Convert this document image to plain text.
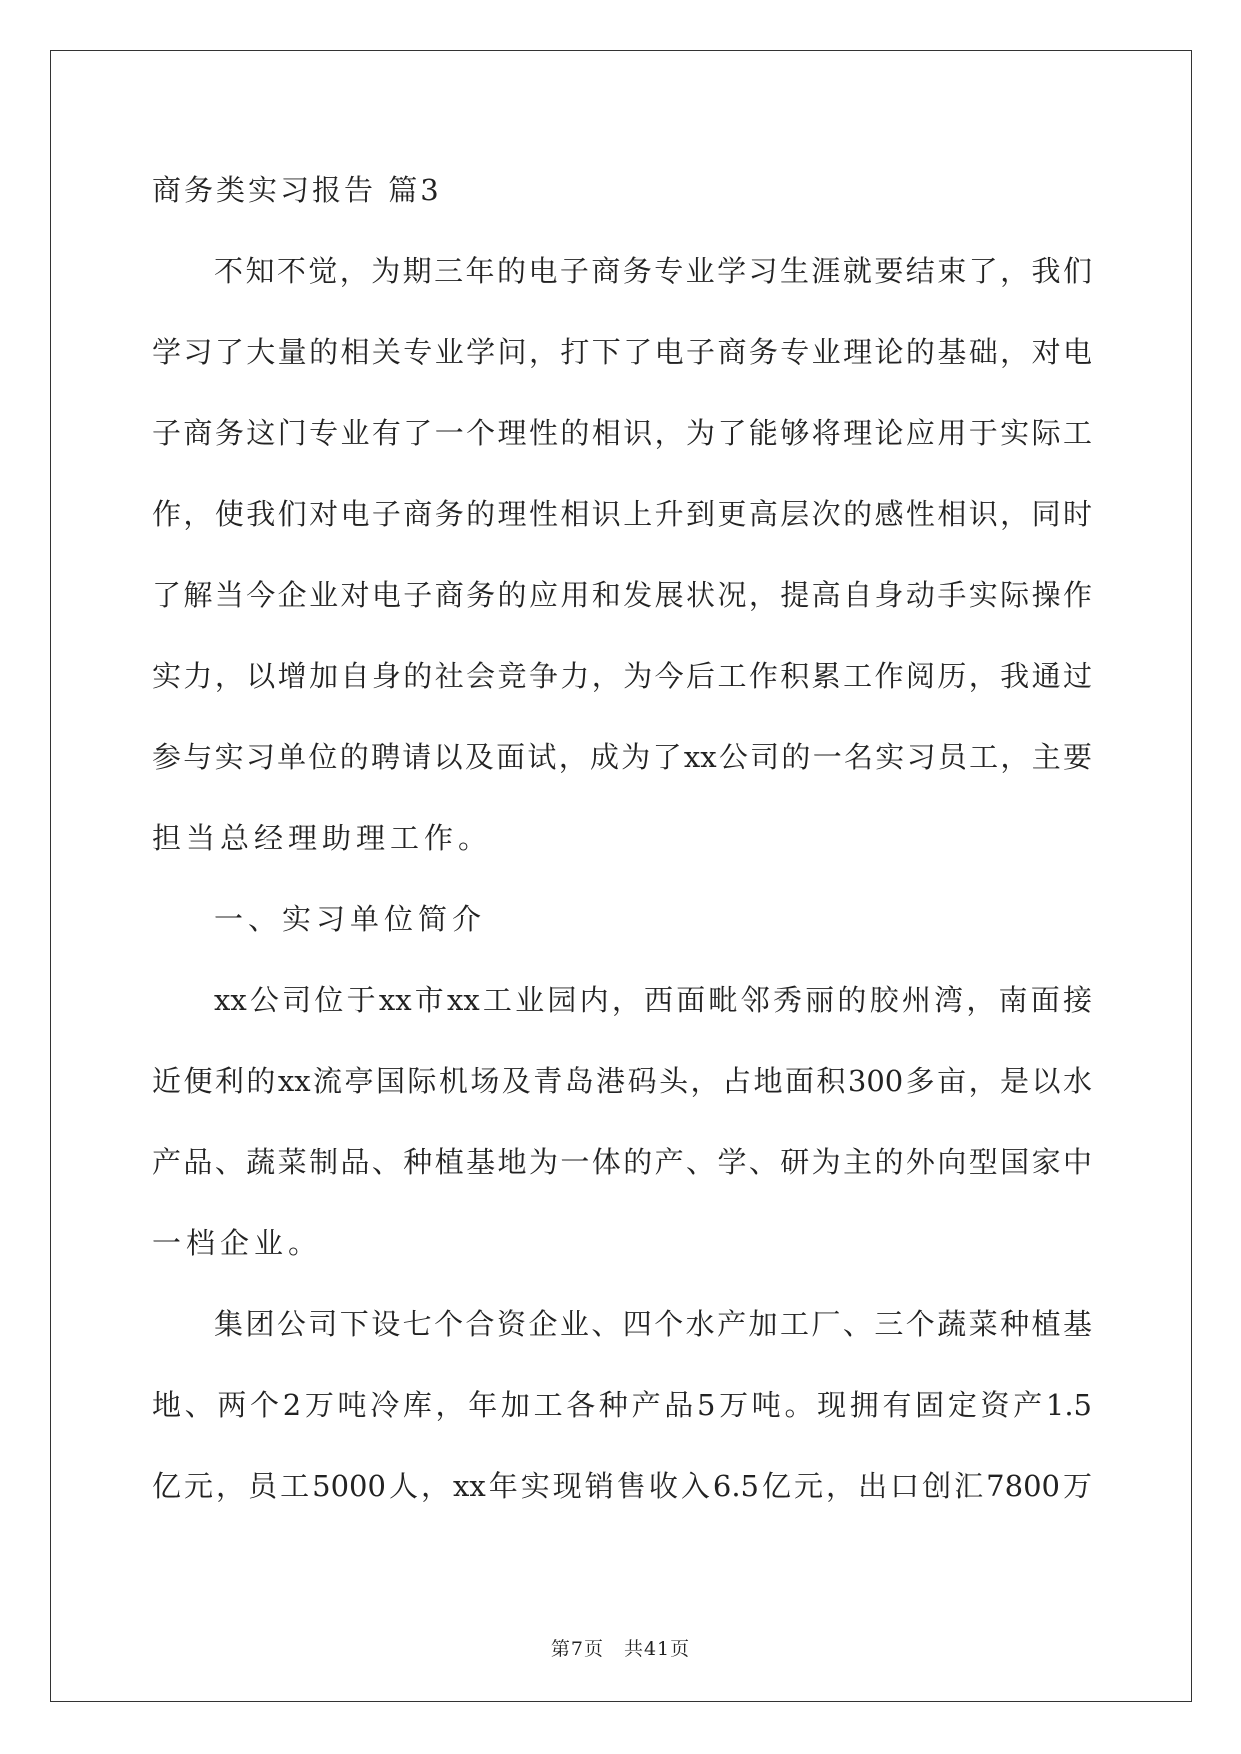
商务类实习报告 篇3
不知不觉，为期三年的电子商务专业学习生涯就要结束了，我们
学习了大量的相关专业学问，打下了电子商务专业理论的基础，对电
子商务这门专业有了一个理性的相识，为了能够将理论应用于实际工
作，使我们对电子商务的理性相识上升到更高层次的感性相识，同时
了解当今企业对电子商务的应用和发展状况，提高自身动手实际操作
实力，以增加自身的社会竞争力，为今后工作积累工作阅历，我通过
参与实习单位的聘请以及面试，成为了xx公司的一名实习员工，主要
担当总经理助理工作。
一、实习单位简介
xx公司位于xx市xx工业园内，西面毗邻秀丽的胶州湾，南面接
近便利的xx流亭国际机场及青岛港码头，占地面积300多亩，是以水
产品、蔬菜制品、种植基地为一体的产、学、研为主的外向型国家中
一档企业。
集团公司下设七个合资企业、四个水产加工厂、三个蔬菜种植基
地、两个2万吨冷库，年加工各种产品5万吨。现拥有固定资产1.5
亿元，员工5000人，xx年实现销售收入6.5亿元，出口创汇7800万
第7页　共41页
